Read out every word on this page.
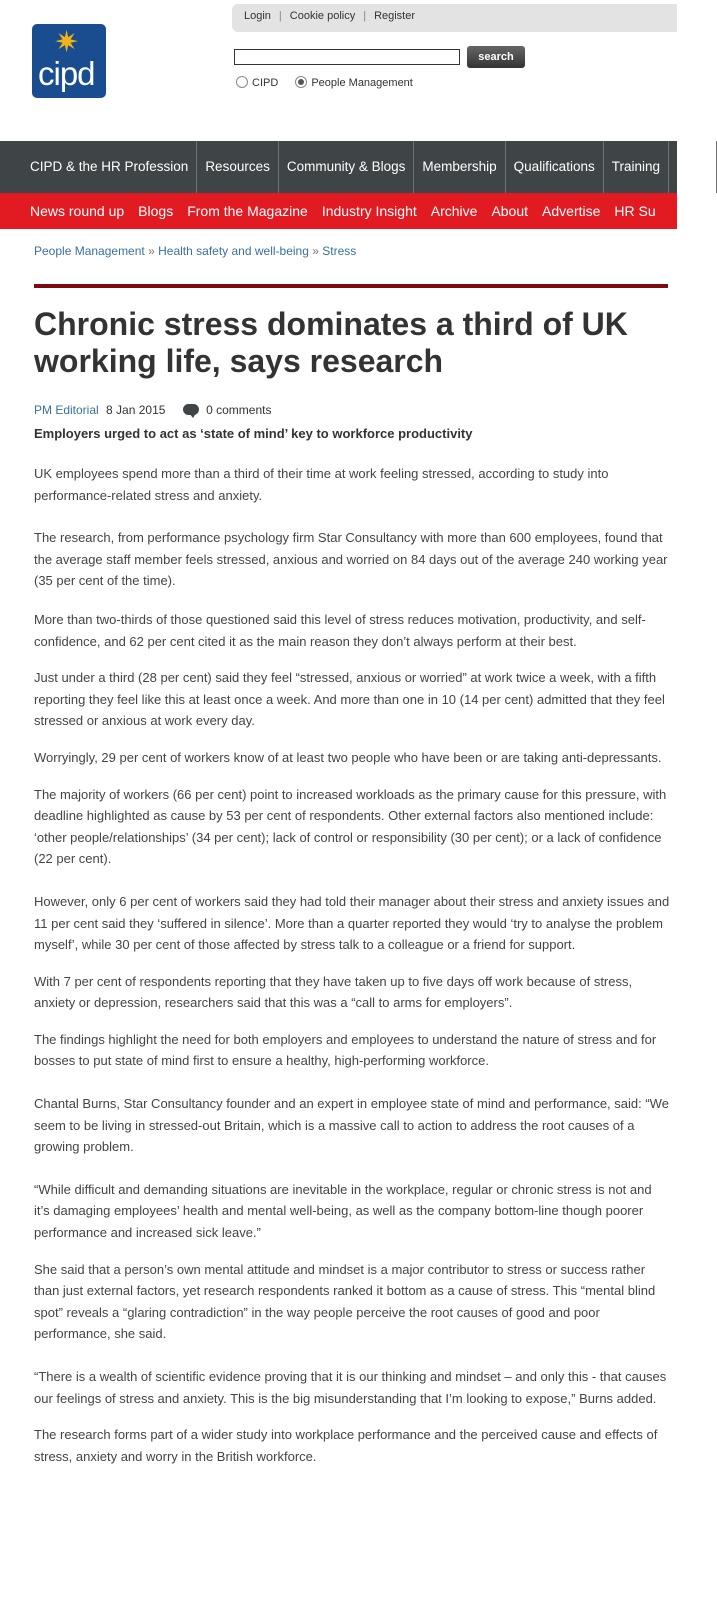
✷
cipd
Login | Cookie policy | Register
search
CIPD	People Management
CIPD & the HR Profession Resources Community & Blogs Membership Qualifications Training Netw
News round up Blogs From the Magazine Industry Insight Archive About Advertise HR Su
People Management » Health safety and well-being » Stress
Chronic stress dominates a third of UK working life, says research
PM Editorial 8 Jan 2015	0 comments

Employers urged to act as ‘state of mind’ key to workforce productivity

UK employees spend more than a third of their time at work feeling stressed, according to study into performance-related stress and anxiety.

The research, from performance psychology firm Star Consultancy with more than 600 employees, found that the average staff member feels stressed, anxious and worried on 84 days out of the average 240 working year (35 per cent of the time).

More than two-thirds of those questioned said this level of stress reduces motivation, productivity, and self-confidence, and 62 per cent cited it as the main reason they don’t always perform at their best.

Just under a third (28 per cent) said they feel “stressed, anxious or worried” at work twice a week, with a fifth reporting they feel like this at least once a week. And more than one in 10 (14 per cent) admitted that they feel stressed or anxious at work every day.

Worryingly, 29 per cent of workers know of at least two people who have been or are taking anti-depressants.

The majority of workers (66 per cent) point to increased workloads as the primary cause for this pressure, with deadline highlighted as cause by 53 per cent of respondents. Other external factors also mentioned include: ‘other people/relationships’ (34 per cent); lack of control or responsibility (30 per cent); or a lack of confidence (22 per cent).

However, only 6 per cent of workers said they had told their manager about their stress and anxiety issues and 11 per cent said they ‘suffered in silence’. More than a quarter reported they would ‘try to analyse the problem myself’, while 30 per cent of those affected by stress talk to a colleague or a friend for support.

With 7 per cent of respondents reporting that they have taken up to five days off work because of stress, anxiety or depression, researchers said that this was a “call to arms for employers”.

The findings highlight the need for both employers and employees to understand the nature of stress and for bosses to put state of mind first to ensure a healthy, high-performing workforce.

Chantal Burns, Star Consultancy founder and an expert in employee state of mind and performance, said: “We seem to be living in stressed-out Britain, which is a massive call to action to address the root causes of a growing problem.

“While difficult and demanding situations are inevitable in the workplace, regular or chronic stress is not and it’s damaging employees’ health and mental well-being, as well as the company bottom-line though poorer performance and increased sick leave.”

She said that a person’s own mental attitude and mindset is a major contributor to stress or success rather than just external factors, yet research respondents ranked it bottom as a cause of stress. This “mental blind spot” reveals a “glaring contradiction” in the way people perceive the root causes of good and poor performance, she said.

“There is a wealth of scientific evidence proving that it is our thinking and mindset – and only this - that causes our feelings of stress and anxiety. This is the big misunderstanding that I’m looking to expose,” Burns added.

The research forms part of a wider study into workplace performance and the perceived cause and effects of stress, anxiety and worry in the British workforce.
